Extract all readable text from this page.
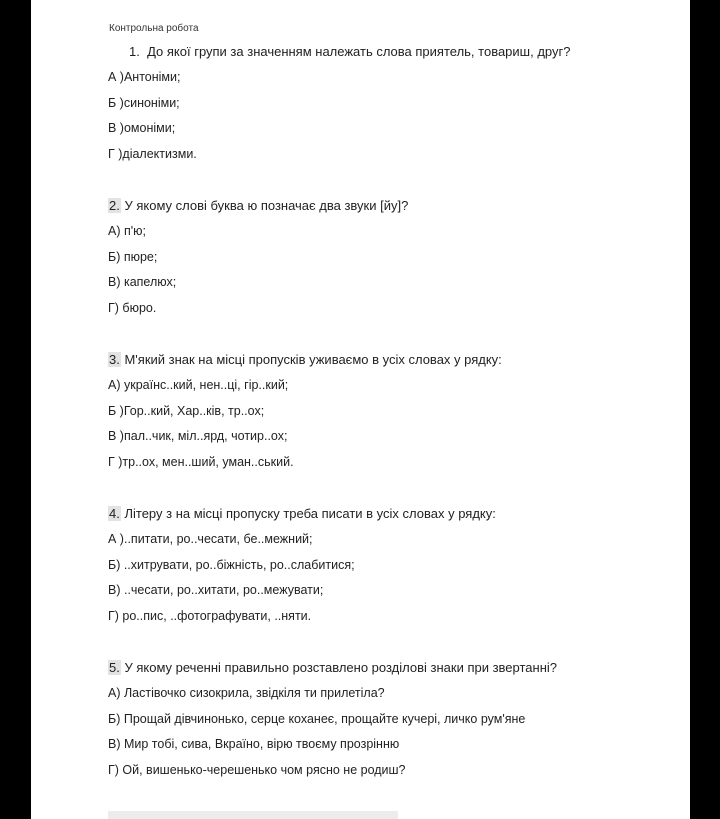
Контрольна робота
1. До якої групи за значенням належать слова приятель, товариш, друг?
А )Антоніми;
Б )синоніми;
В )омоніми;
Г )діалектизми.
2. У якому слові буква ю позначає два звуки [йу]?
А) п'ю;
Б) пюре;
В) капелюх;
Г) бюро.
3. М'який знак на місці пропусків уживаємо в усіх словах у рядку:
А) українс..кий, нен..ці, гір..кий;
Б )Гор..кий, Хар..ків, тр..ох;
В )пал..чик, міл..ярд, чотир..ох;
Г )тр..ох, мен..ший, уман..ський.
4. Літеру з на місці пропуску треба писати в усіх словах у рядку:
А )..питати, ро..чесати, бе..межний;
Б) ..хитрувати, ро..біжність, ро..слабитися;
В) ..чесати, ро..хитати, ро..межувати;
Г) ро..пис, ..фотографувати, ..няти.
5. У якому реченні правильно розставлено розділові знаки при звертанні?
А) Ластівочко сизокрила, звідкіля ти прилетіла?
Б) Прощай дівчинонько, серце коханеє, прощайте кучері, личко рум'яне
В) Мир тобі, сива, Вкраїно, вірю твоєму прозрінню
Г) Ой, вишенько-черешенько чом рясно не родиш?
